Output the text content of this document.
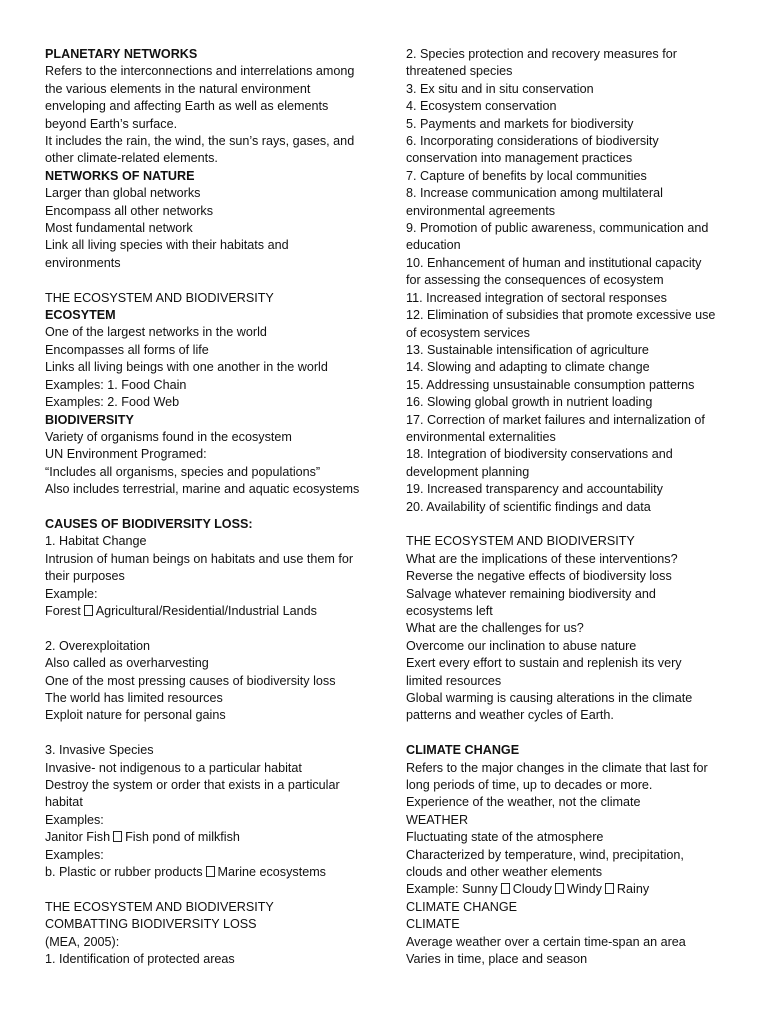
PLANETARY NETWORKS
Refers to the interconnections and interrelations among
the various elements in the natural environment
enveloping and affecting Earth as well as elements
beyond Earth’s surface.
It includes the rain, the wind, the sun’s rays, gases, and
other climate-related elements.
NETWORKS OF NATURE
Larger than global networks
Encompass all other networks
Most fundamental network
Link all living species with their habitats and
environments
THE ECOSYSTEM AND BIODIVERSITY
ECOSYTEM
One of the largest networks in the world
Encompasses all forms of life
Links all living beings with one another in the world
Examples: 1. Food Chain
Examples: 2. Food Web
BIODIVERSITY
Variety of organisms found in the ecosystem
UN Environment Programed:
“Includes all organisms, species and populations”
Also includes terrestrial, marine and aquatic ecosystems
CAUSES OF BIODIVERSITY LOSS:
1. Habitat Change
Intrusion of human beings on habitats and use them for
their purposes
Example:
Forest Agricultural/Residential/Industrial Lands
2. Overexploitation
Also called as overharvesting
One of the most pressing causes of biodiversity loss
The world has limited resources
Exploit nature for personal gains
3. Invasive Species
Invasive- not indigenous to a particular habitat
Destroy the system or order that exists in a particular
habitat
Examples:
Janitor Fish Fish pond of milkfish
Examples:
b. Plastic or rubber products Marine ecosystems
THE ECOSYSTEM AND BIODIVERSITY
COMBATTING BIODIVERSITY LOSS
(MEA, 2005):
1. Identification of protected areas
2. Species protection and recovery measures for
threatened species
3. Ex situ and in situ conservation
4. Ecosystem conservation
5. Payments and markets for biodiversity
6. Incorporating considerations of biodiversity
conservation into management practices
7. Capture of benefits by local communities
8. Increase communication among multilateral
environmental agreements
9. Promotion of public awareness, communication and
education
10. Enhancement of human and institutional capacity
for assessing the consequences of ecosystem
11. Increased integration of sectoral responses
12. Elimination of subsidies that promote excessive use
of ecosystem services
13. Sustainable intensification of agriculture
14. Slowing and adapting to climate change
15. Addressing unsustainable consumption patterns
16. Slowing global growth in nutrient loading
17. Correction of market failures and internalization of
environmental externalities
18. Integration of biodiversity conservations and
development planning
19. Increased transparency and accountability
20. Availability of scientific findings and data
THE ECOSYSTEM AND BIODIVERSITY
What are the implications of these interventions?
Reverse the negative effects of biodiversity loss
Salvage whatever remaining biodiversity and
ecosystems left
What are the challenges for us?
Overcome our inclination to abuse nature
Exert every effort to sustain and replenish its very
limited resources
Global warming is causing alterations in the climate
patterns and weather cycles of Earth.
CLIMATE CHANGE
Refers to the major changes in the climate that last for
long periods of time, up to decades or more.
Experience of the weather, not the climate
WEATHER
Fluctuating state of the atmosphere
Characterized by temperature, wind, precipitation,
clouds and other weather elements
Example: Sunny Cloudy Windy Rainy
CLIMATE CHANGE
CLIMATE
Average weather over a certain time-span an area
Varies in time, place and season
